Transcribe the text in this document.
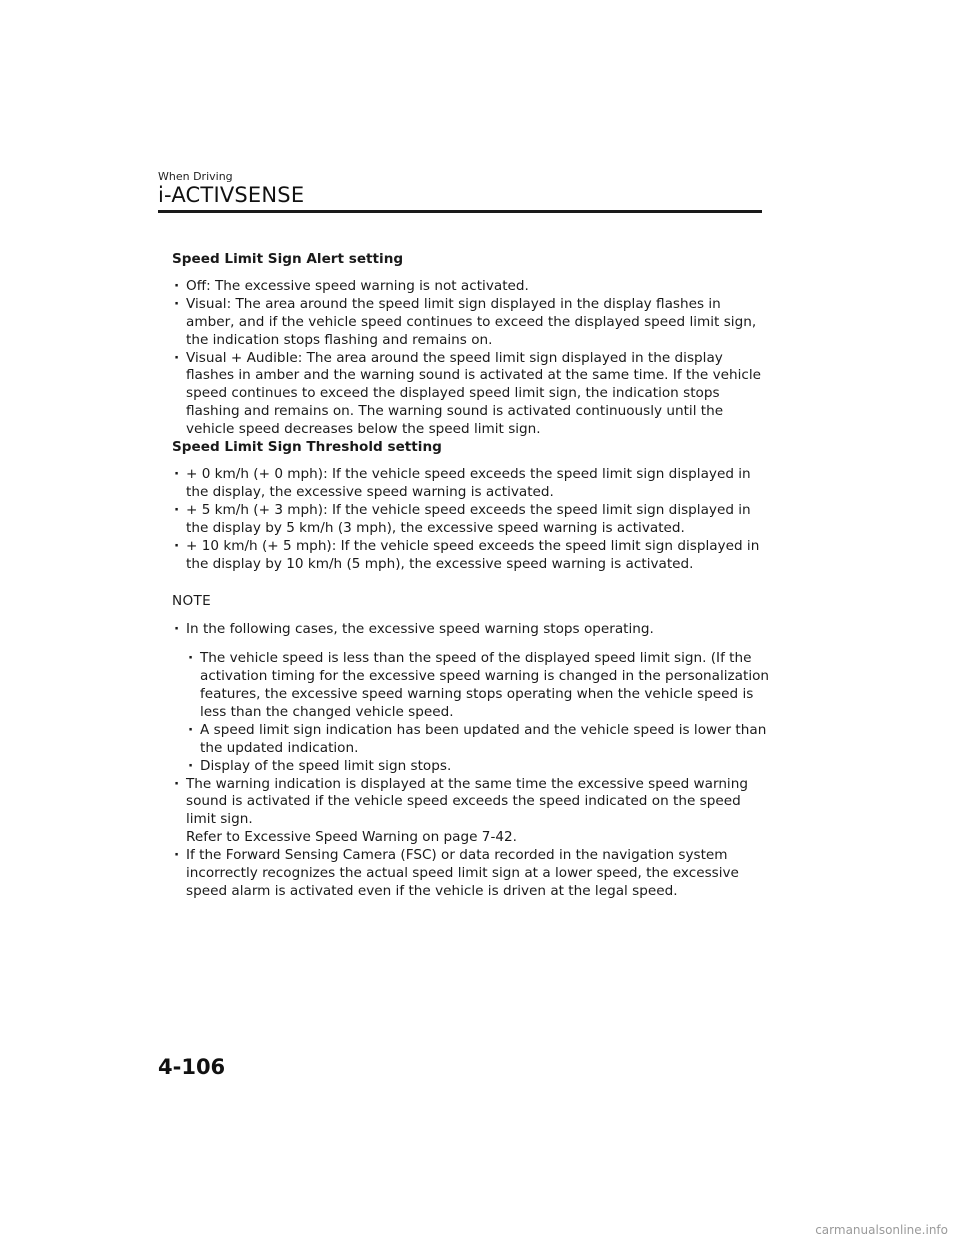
When Driving
i-ACTIVSENSE
Speed Limit Sign Alert setting
· Off: The excessive speed warning is not activated.
· Visual: The area around the speed limit sign displayed in the display flashes in amber, and if the vehicle speed continues to exceed the displayed speed limit sign, the indication stops flashing and remains on.
· Visual + Audible: The area around the speed limit sign displayed in the display flashes in amber and the warning sound is activated at the same time. If the vehicle speed continues to exceed the displayed speed limit sign, the indication stops flashing and remains on. The warning sound is activated continuously until the vehicle speed decreases below the speed limit sign.
Speed Limit Sign Threshold setting
· + 0 km/h (+ 0 mph): If the vehicle speed exceeds the speed limit sign displayed in the display, the excessive speed warning is activated.
· + 5 km/h (+ 3 mph): If the vehicle speed exceeds the speed limit sign displayed in the display by 5 km/h (3 mph), the excessive speed warning is activated.
· + 10 km/h (+ 5 mph): If the vehicle speed exceeds the speed limit sign displayed in the display by 10 km/h (5 mph), the excessive speed warning is activated.
NOTE
· In the following cases, the excessive speed warning stops operating.
· The vehicle speed is less than the speed of the displayed speed limit sign. (If the activation timing for the excessive speed warning is changed in the personalization features, the excessive speed warning stops operating when the vehicle speed is less than the changed vehicle speed.
· A speed limit sign indication has been updated and the vehicle speed is lower than the updated indication.
· Display of the speed limit sign stops.
· The warning indication is displayed at the same time the excessive speed warning sound is activated if the vehicle speed exceeds the speed indicated on the speed limit sign.
Refer to Excessive Speed Warning on page 7-42.
· If the Forward Sensing Camera (FSC) or data recorded in the navigation system incorrectly recognizes the actual speed limit sign at a lower speed, the excessive speed alarm is activated even if the vehicle is driven at the legal speed.
4-106
carmanualsonline.info
